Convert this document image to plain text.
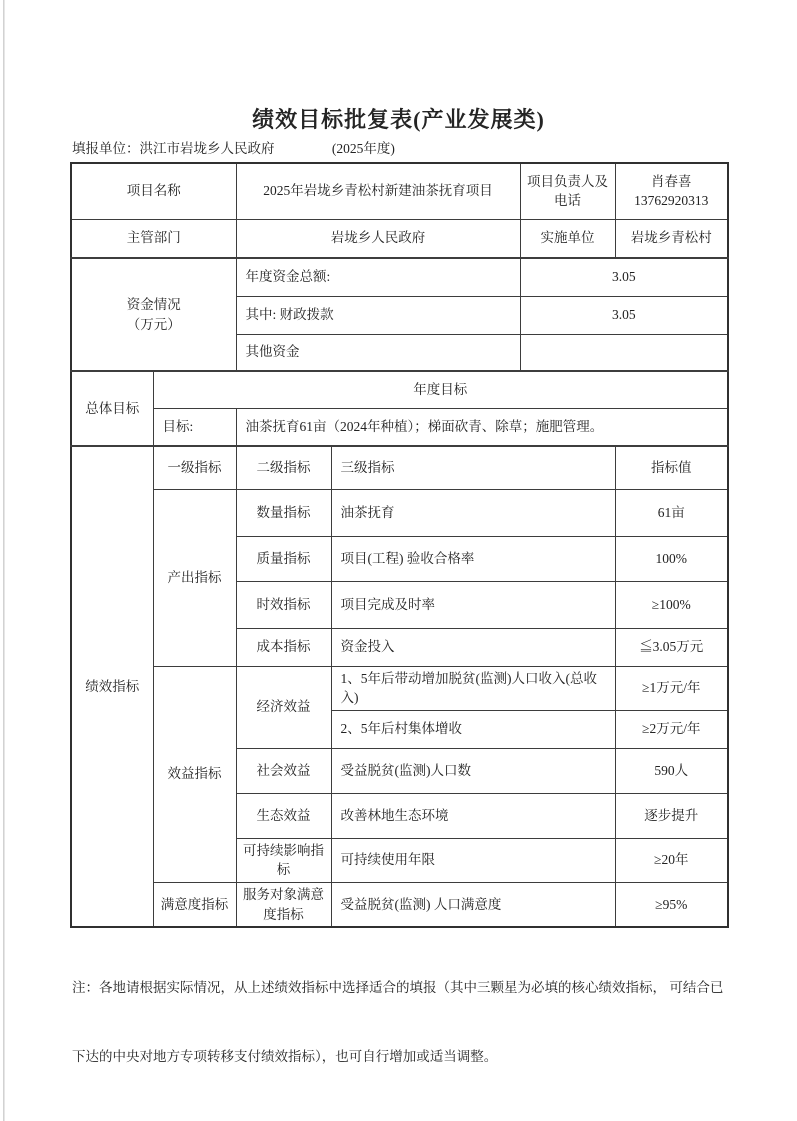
绩效目标批复表(产业发展类)
填报单位：洪江市岩垅乡人民政府	(2025年度)
项目名称		2025年岩垅乡青松村新建油茶抚育项目		项目负责人及电话	肖春喜
13762920313
主管部门		岩垅乡人民政府		实施单位	岩垅乡青松村
资金情况
（万元）		年度资金总额:		3.05	
		其中: 财政拨款		3.05	
		其他资金			
总体目标	年度目标				
	目标:	油茶抚育61亩（2024年种植）；梯面砍青、除草；施肥管理。			
绩效指标	一级指标	二级指标	三级指标		指标值
	产出指标	数量指标	油茶抚育		61亩
		质量指标	项目(工程) 验收合格率		100%
		时效指标	项目完成及时率		≥100%
		成本指标	资金投入		≦3.05万元
	效益指标	经济效益	1、5年后带动增加脱贫(监测)人口收入(总收入)		≥1万元/年
			2、5年后村集体增收		≥2万元/年
		社会效益	受益脱贫(监测)人口数		590人
		生态效益	改善林地生态环境		逐步提升
		可持续影响指标	可持续使用年限		≥20年
	满意度指标	服务对象满意度指标	受益脱贫(监测) 人口满意度		≥95%

注：各地请根据实际情况，从上述绩效指标中选择适合的填报（其中三颗星为必填的核心绩效指标， 可结合已

下达的中央对地方专项转移支付绩效指标），也可自行增加或适当调整。
